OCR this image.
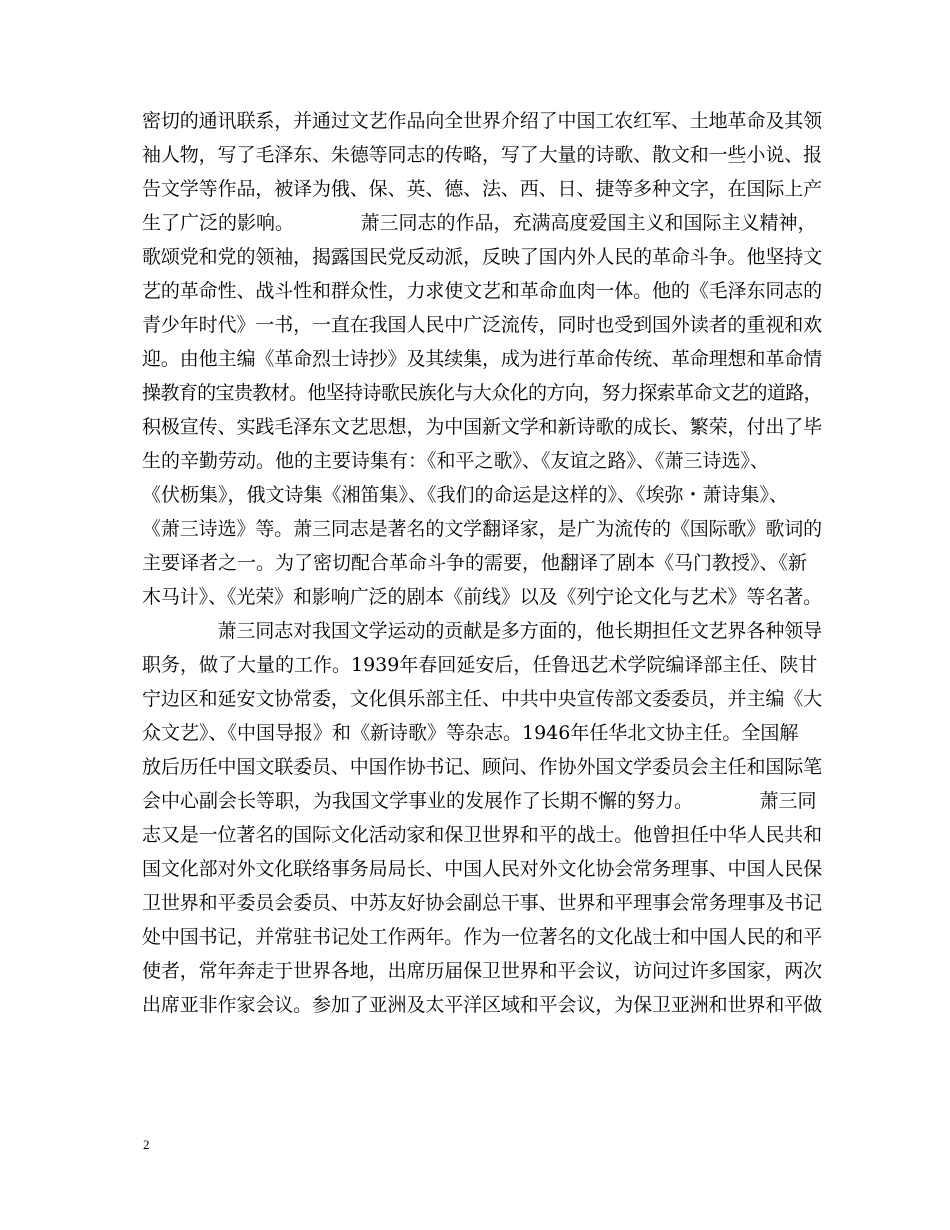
密切的通讯联系，并通过文艺作品向全世界介绍了中国工农红军、土地革命及其领
袖人物，写了毛泽东、朱德等同志的传略，写了大量的诗歌、散文和一些小说、报
告文学等作品，被译为俄、保、英、德、法、西、日、捷等多种文字，在国际上产
生了广泛的影响。　　　　萧三同志的作品，充满高度爱国主义和国际主义精神，
歌颂党和党的领袖，揭露国民党反动派，反映了国内外人民的革命斗争。他坚持文
艺的革命性、战斗性和群众性，力求使文艺和革命血肉一体。他的《毛泽东同志的
青少年时代》一书，一直在我国人民中广泛流传，同时也受到国外读者的重视和欢
迎。由他主编《革命烈士诗抄》及其续集，成为进行革命传统、革命理想和革命情
操教育的宝贵教材。他坚持诗歌民族化与大众化的方向，努力探索革命文艺的道路，
积极宣传、实践毛泽东文艺思想，为中国新文学和新诗歌的成长、繁荣，付出了毕
生的辛勤劳动。他的主要诗集有：《和平之歌》、《友谊之路》、《萧三诗选》、
《伏枥集》，俄文诗集《湘笛集》、《我们的命运是这样的》、《埃弥・萧诗集》、
《萧三诗选》等。萧三同志是著名的文学翻译家，是广为流传的《国际歌》歌词的
主要译者之一。为了密切配合革命斗争的需要，他翻译了剧本《马门教授》、《新
木马计》、《光荣》和影响广泛的剧本《前线》以及《列宁论文化与艺术》等名著。
　　　　萧三同志对我国文学运动的贡献是多方面的，他长期担任文艺界各种领导
职务，做了大量的工作。1939年春回延安后，任鲁迅艺术学院编译部主任、陕甘
宁边区和延安文协常委，文化俱乐部主任、中共中央宣传部文委委员，并主编《大
众文艺》、《中国导报》和《新诗歌》等杂志。1946年任华北文协主任。全国解
放后历任中国文联委员、中国作协书记、顾问、作协外国文学委员会主任和国际笔
会中心副会长等职，为我国文学事业的发展作了长期不懈的努力。　　　　萧三同
志又是一位著名的国际文化活动家和保卫世界和平的战士。他曾担任中华人民共和
国文化部对外文化联络事务局局长、中国人民对外文化协会常务理事、中国人民保
卫世界和平委员会委员、中苏友好协会副总干事、世界和平理事会常务理事及书记
处中国书记，并常驻书记处工作两年。作为一位著名的文化战士和中国人民的和平
使者，常年奔走于世界各地，出席历届保卫世界和平会议，访问过许多国家，两次
出席亚非作家会议。参加了亚洲及太平洋区域和平会议，为保卫亚洲和世界和平做
2
